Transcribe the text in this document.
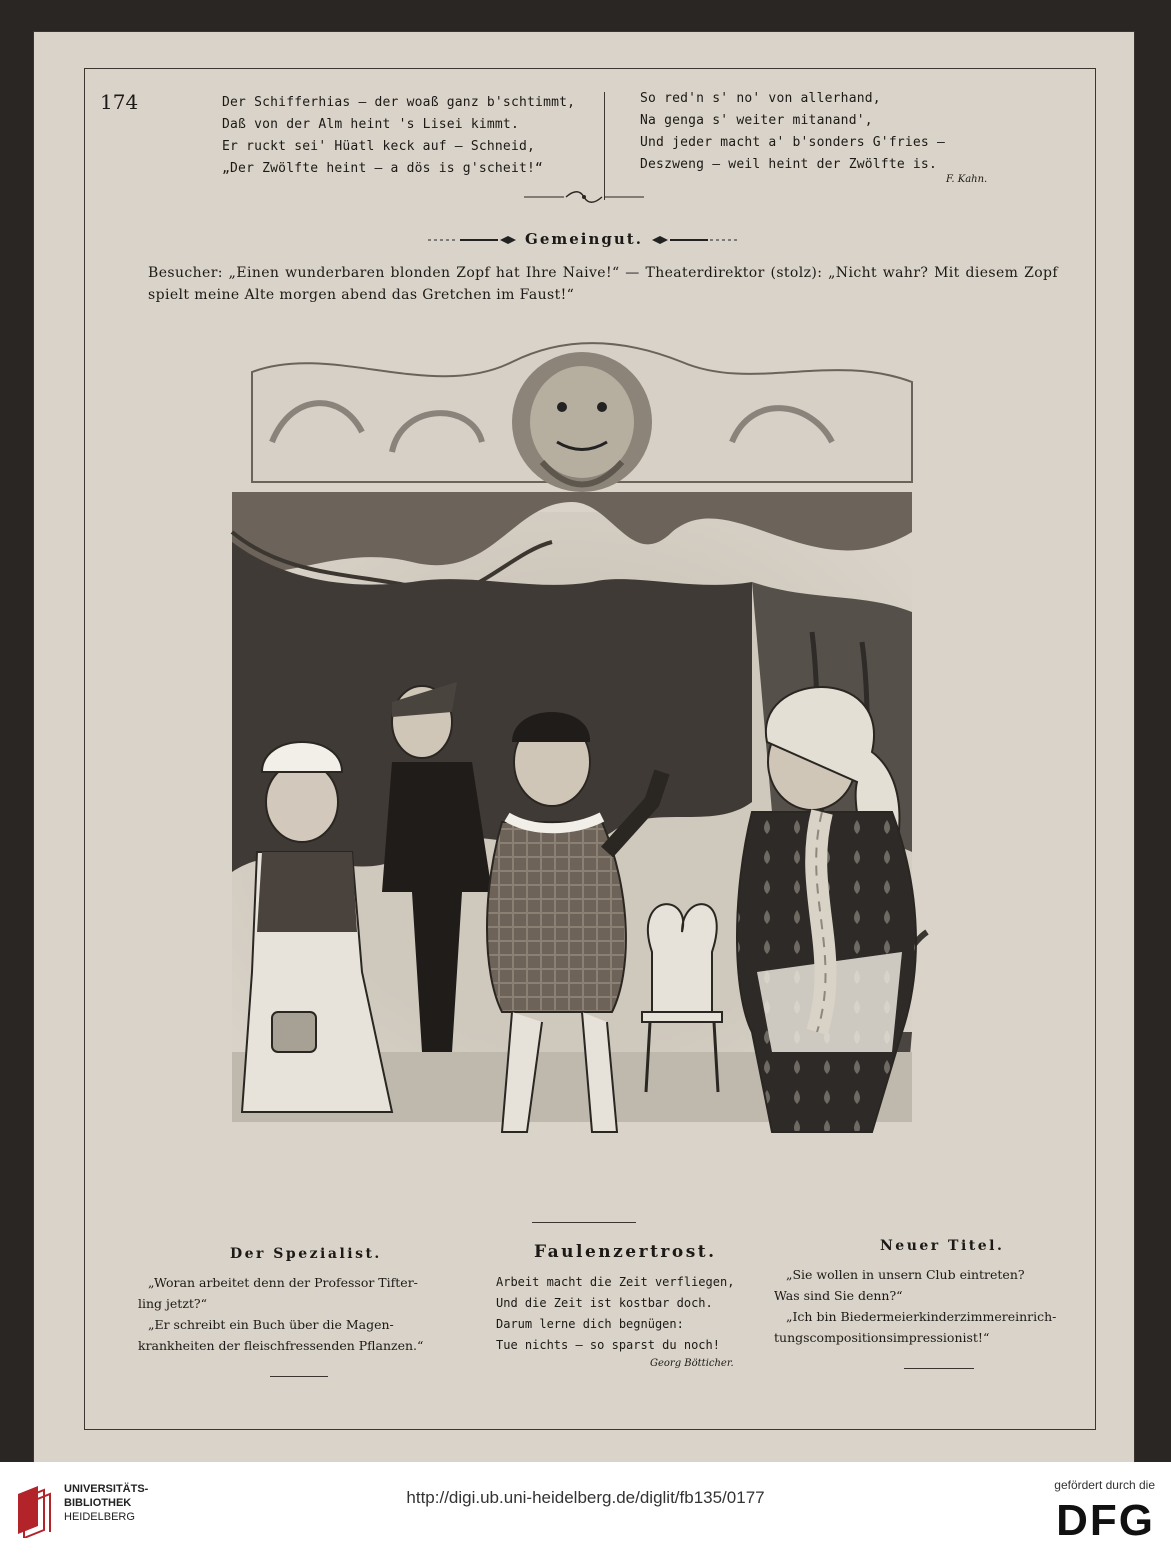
174	Der Schifferhias — der woaß ganz b'schtimmt,
Daß von der Alm heint 's Lisei kimmt.
Er ruckt sei' Hüatl keck auf — Schneid,
„Der Zwölfte heint — a dös is g'scheit!“
So red'n s' no' von allerhand,
Na genga s' weiter mitanand',
Und jeder macht a' b'sonders G'fries —
Deszweng — weil heint der Zwölfte is.
F. Kahn.
Gemeingut.
Besucher: „Einen wunderbaren blonden Zopf hat Ihre Naive!“ — Theaterdirektor (stolz): „Nicht wahr? Mit diesem Zopf spielt meine Alte morgen abend das Gretchen im Faust!“
Der Spezialist.
„Woran arbeitet denn der Professor Tifter-
ling jetzt?“
„Er schreibt ein Buch über die Magen-
krankheiten der fleischfressenden Pflanzen.“
Faulenzertrost.
Arbeit macht die Zeit verfliegen,
Und die Zeit ist kostbar doch.
Darum lerne dich begnügen:
Tue nichts — so sparst du noch!
Georg Bötticher.
Neuer Titel.
„Sie wollen in unsern Club eintreten?
Was sind Sie denn?“
„Ich bin Biedermeierkinderzimmereinrich-
tungscompositionsimpressionist!“
UNIVERSITÄTS-
BIBLIOTHEK
HEIDELBERG
http://digi.ub.uni-heidelberg.de/diglit/fb135/0177
gefördert durch die
DFG
